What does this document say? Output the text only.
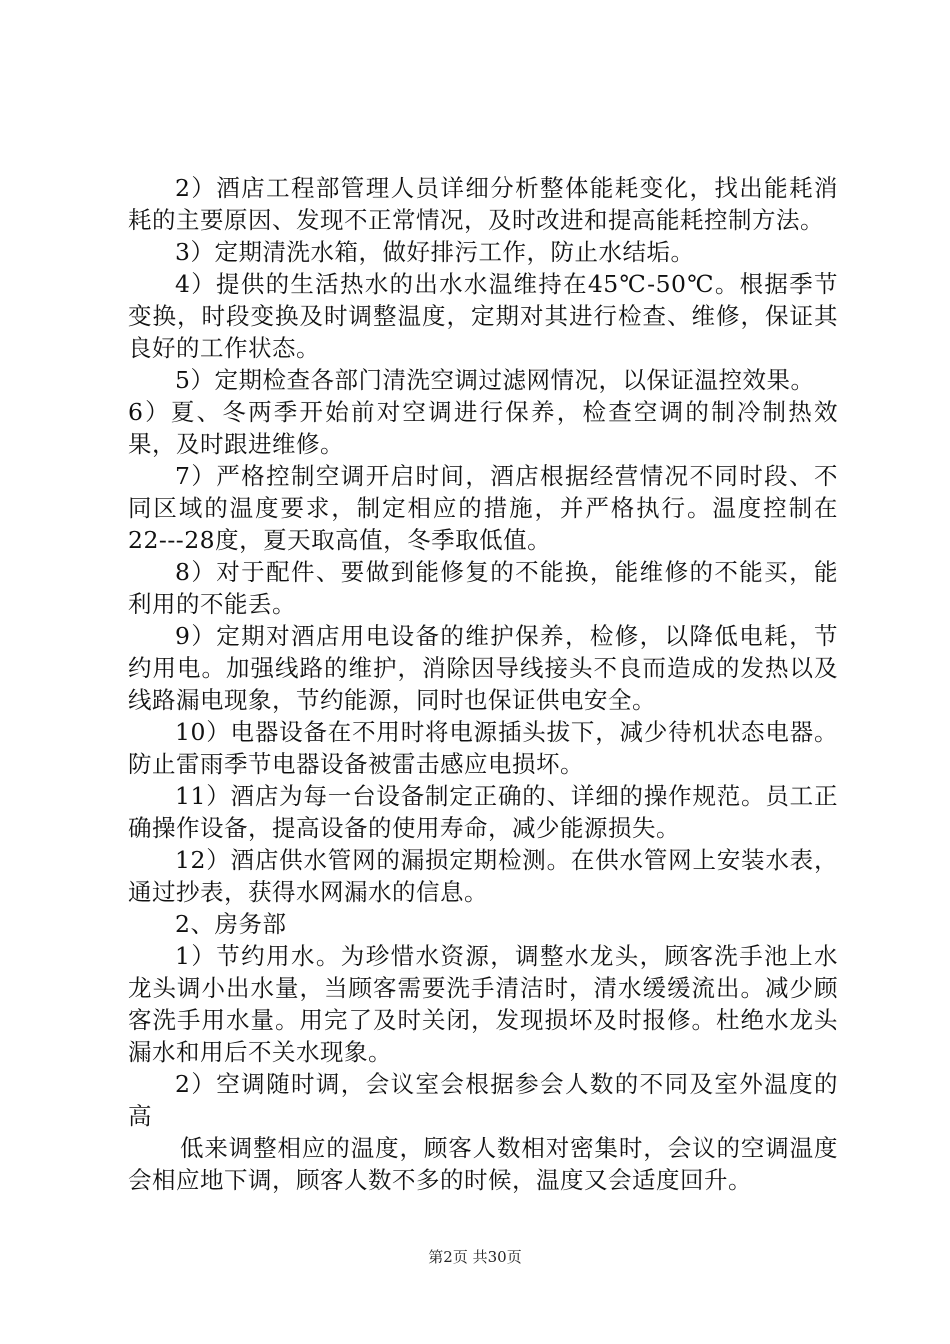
2）酒店工程部管理人员详细分析整体能耗变化，找出能耗消耗的主要原因、发现不正常情况，及时改进和提高能耗控制方法。

3）定期清洗水箱，做好排污工作，防止水结垢。

4）提供的生活热水的出水水温维持在45℃-50℃。根据季节变换，时段变换及时调整温度，定期对其进行检查、维修，保证其良好的工作状态。

5）定期检查各部门清洗空调过滤网情况，以保证温控效果。

6）夏、冬两季开始前对空调进行保养，检查空调的制冷制热效果，及时跟进维修。

7）严格控制空调开启时间，酒店根据经营情况不同时段、不同区域的温度要求，制定相应的措施，并严格执行。温度控制在22---28度，夏天取高值，冬季取低值。

8）对于配件、要做到能修复的不能换，能维修的不能买，能利用的不能丢。

9）定期对酒店用电设备的维护保养，检修，以降低电耗，节约用电。加强线路的维护，消除因导线接头不良而造成的发热以及线路漏电现象，节约能源，同时也保证供电安全。

10）电器设备在不用时将电源插头拔下，减少待机状态电器。防止雷雨季节电器设备被雷击感应电损坏。

11）酒店为每一台设备制定正确的、详细的操作规范。员工正确操作设备，提高设备的使用寿命，减少能源损失。

12）酒店供水管网的漏损定期检测。在供水管网上安装水表，通过抄表，获得水网漏水的信息。

2、房务部

1）节约用水。为珍惜水资源，调整水龙头，顾客洗手池上水龙头调小出水量，当顾客需要洗手清洁时，清水缓缓流出。减少顾客洗手用水量。用完了及时关闭，发现损坏及时报修。杜绝水龙头漏水和用后不关水现象。

2）空调随时调，会议室会根据参会人数的不同及室外温度的高

低来调整相应的温度，顾客人数相对密集时，会议的空调温度会相应地下调，顾客人数不多的时候，温度又会适度回升。

第2页 共30页
